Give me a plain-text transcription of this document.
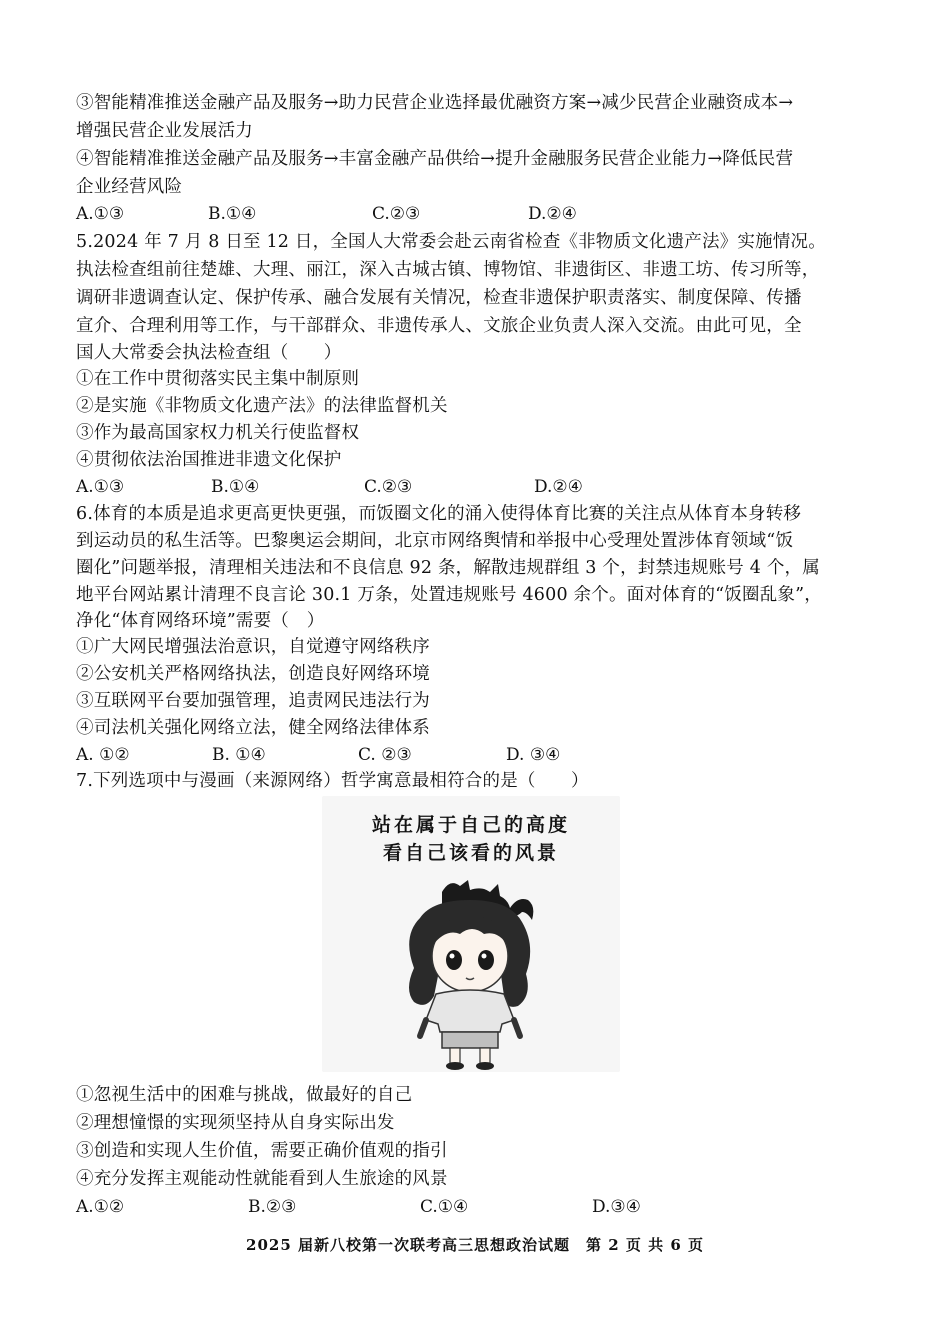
③智能精准推送金融产品及服务→助力民营企业选择最优融资方案→减少民营企业融资成本→
增强民营企业发展活力
④智能精准推送金融产品及服务→丰富金融产品供给→提升金融服务民营企业能力→降低民营
企业经营风险
A.①③	B.①④	C.②③	D.②④
5.2024 年 7 月 8 日至 12 日，全国人大常委会赴云南省检查《非物质文化遗产法》实施情况。
执法检查组前往楚雄、大理、丽江，深入古城古镇、博物馆、非遗街区、非遗工坊、传习所等，
调研非遗调查认定、保护传承、融合发展有关情况，检查非遗保护职责落实、制度保障、传播
宣介、合理利用等工作，与干部群众、非遗传承人、文旅企业负责人深入交流。由此可见，全
国人大常委会执法检查组（　　）
①在工作中贯彻落实民主集中制原则
②是实施《非物质文化遗产法》的法律监督机关
③作为最高国家权力机关行使监督权
④贯彻依法治国推进非遗文化保护
A.①③	B.①④	C.②③	D.②④
6.体育的本质是追求更高更快更强，而饭圈文化的涌入使得体育比赛的关注点从体育本身转移
到运动员的私生活等。巴黎奥运会期间，北京市网络舆情和举报中心受理处置涉体育领域“饭
圈化”问题举报，清理相关违法和不良信息 92 条，解散违规群组 3 个，封禁违规账号 4 个，属
地平台网站累计清理不良言论 30.1 万条，处置违规账号 4600 余个。面对体育的“饭圈乱象”，
净化“体育网络环境”需要（　）
①广大网民增强法治意识，自觉遵守网络秩序
②公安机关严格网络执法，创造良好网络环境
③互联网平台要加强管理，追责网民违法行为
④司法机关强化网络立法，健全网络法律体系
A. ①②	B. ①④	C. ②③	D. ③④
7.下列选项中与漫画（来源网络）哲学寓意最相符合的是（　　）
站在属于自己的高度
看自己该看的风景
①忽视生活中的困难与挑战，做最好的自己
②理想憧憬的实现须坚持从自身实际出发
③创造和实现人生价值，需要正确价值观的指引
④充分发挥主观能动性就能看到人生旅途的风景
A.①②	B.②③	C.①④	D.③④
2025 届新八校第一次联考高三思想政治试题　第 2 页 共 6 页
